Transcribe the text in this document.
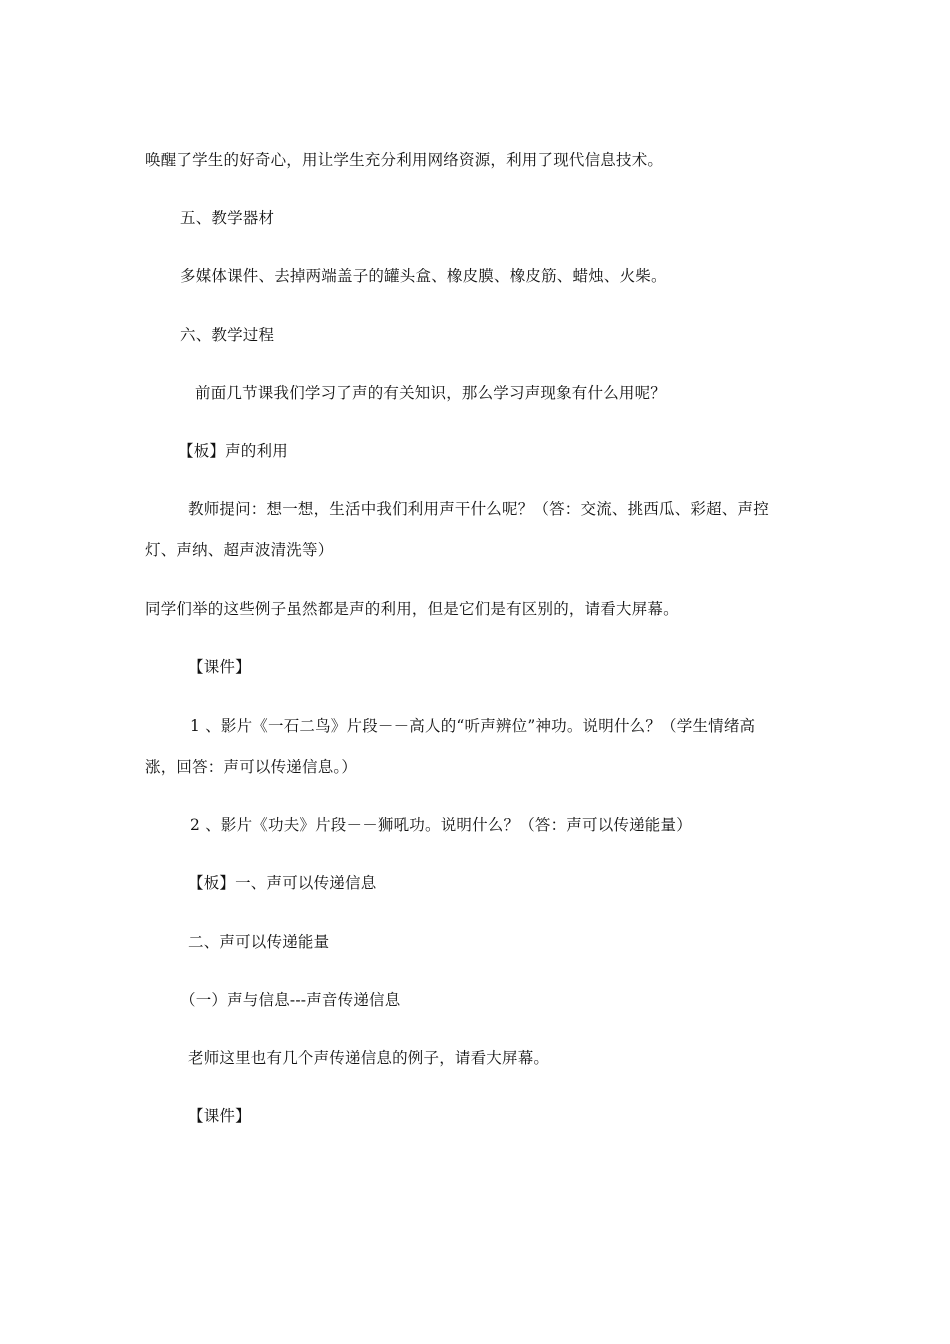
唤醒了学生的好奇心，用让学生充分利用网络资源，利用了现代信息技术。
五、教学器材
多媒体课件、去掉两端盖子的罐头盒、橡皮膜、橡皮筋、蜡烛、火柴。
六、教学过程
前面几节课我们学习了声的有关知识，那么学习声现象有什么用呢？
【板】声的利用
教师提问：想一想，生活中我们利用声干什么呢？（答：交流、挑西瓜、彩超、声控
灯、声纳、超声波清洗等）
同学们举的这些例子虽然都是声的利用，但是它们是有区别的，请看大屏幕。
【课件】
1 、影片《一石二鸟》片段－－高人的“听声辨位”神功。说明什么？（学生情绪高
涨，回答：声可以传递信息。）
2 、影片《功夫》片段－－狮吼功。说明什么？（答：声可以传递能量）
【板】一、声可以传递信息
二、声可以传递能量
（一）声与信息---声音传递信息
老师这里也有几个声传递信息的例子，请看大屏幕。
【课件】
